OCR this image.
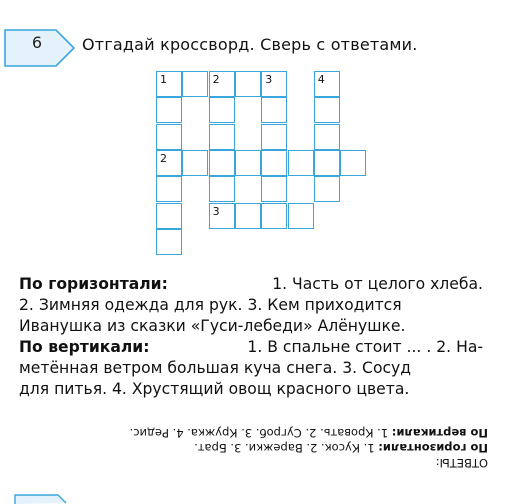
6	Отгадай кроссворд. Сверь с ответами.
1
2
2	3	4
3
По горизонтали:	1. Часть от целого хлеба.
2. Зимняя одежда для рук. 3. Кем приходится
Иванушка из сказки «Гуси-лебеди» Алёнушке.
По вертикали:	1. В спальне стоит ... . 2. На-
метённая ветром большая куча снега. 3. Сосуд
для питья. 4. Хрустящий овощ красного цвета.
ОТВЕТЫ:
По горизонтали: 1. Кусок. 2. Варежки. 3. Брат.
По вертикали: 1. Кровать. 2. Сугроб. 3. Кружка. 4. Редис.
